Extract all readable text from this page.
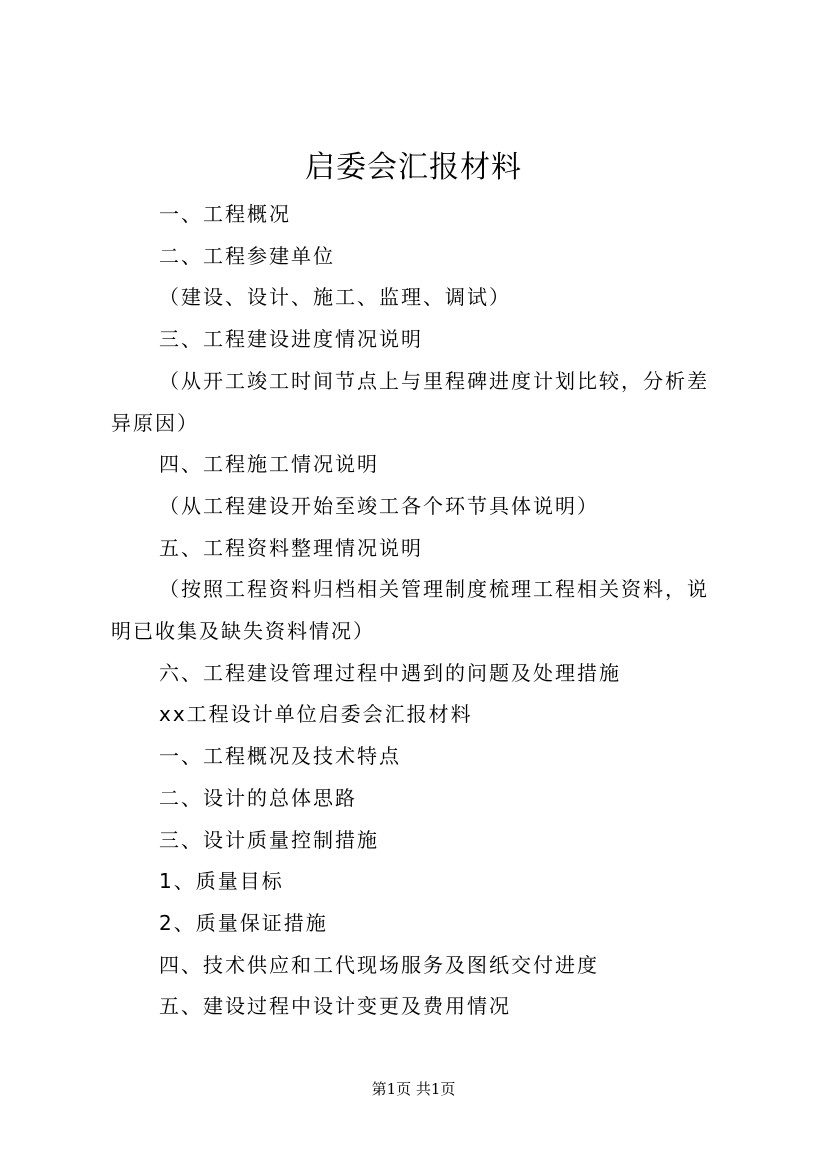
启委会汇报材料

一、工程概况

二、工程参建单位

（建设、设计、施工、监理、调试）

三、工程建设进度情况说明

（从开工竣工时间节点上与里程碑进度计划比较，分析差异原因）

四、工程施工情况说明

（从工程建设开始至竣工各个环节具体说明）

五、工程资料整理情况说明

（按照工程资料归档相关管理制度梳理工程相关资料，说明已收集及缺失资料情况）

六、工程建设管理过程中遇到的问题及处理措施

xx工程设计单位启委会汇报材料

一、工程概况及技术特点

二、设计的总体思路

三、设计质量控制措施

1、质量目标

2、质量保证措施

四、技术供应和工代现场服务及图纸交付进度

五、建设过程中设计变更及费用情况

第1页 共1页
